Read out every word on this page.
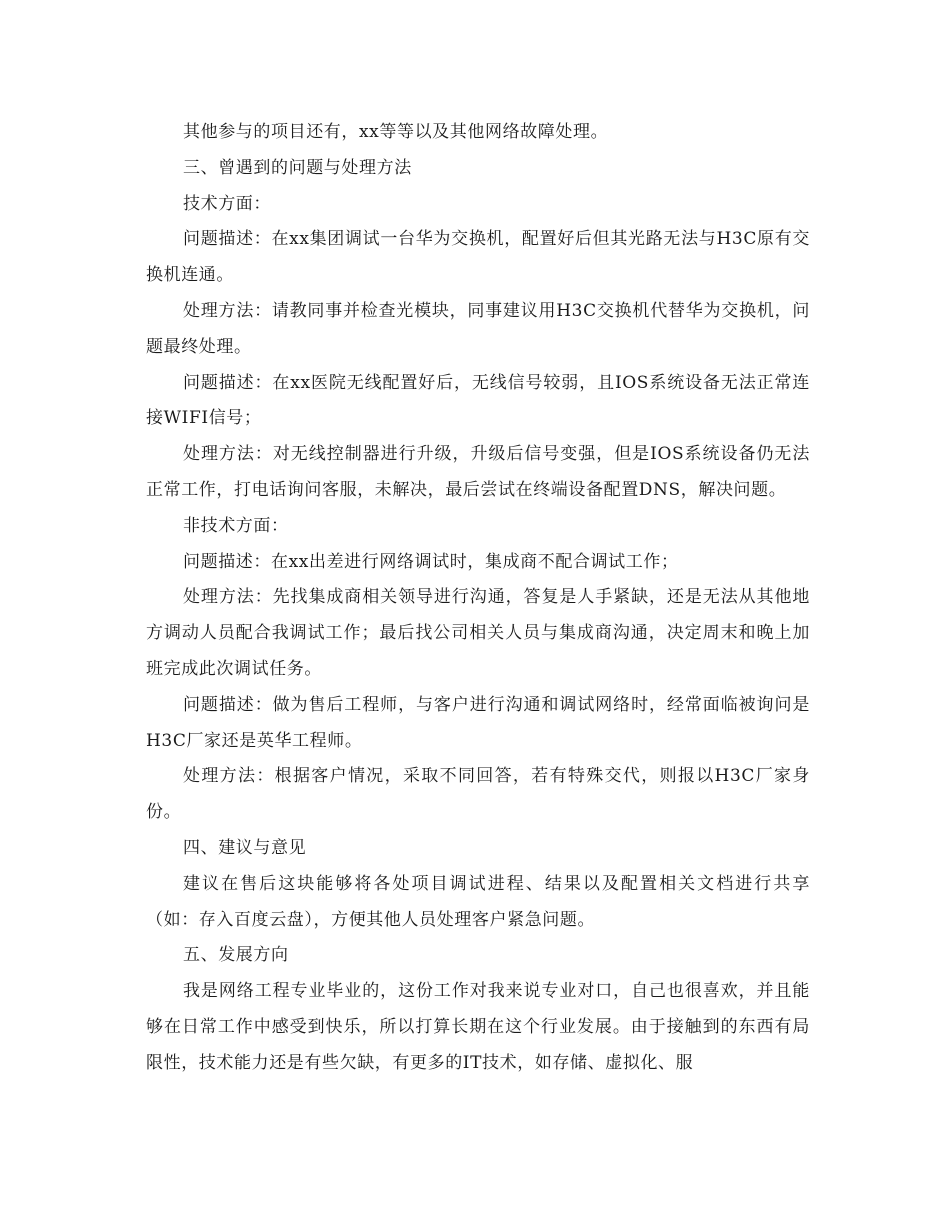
其他参与的项目还有，xx等等以及其他网络故障处理。

三、曾遇到的问题与处理方法

技术方面：

问题描述：在xx集团调试一台华为交换机，配置好后但其光路无法与H3C原有交换机连通。

处理方法：请教同事并检查光模块，同事建议用H3C交换机代替华为交换机，问题最终处理。

问题描述：在xx医院无线配置好后，无线信号较弱，且IOS系统设备无法正常连接WIFI信号；

处理方法：对无线控制器进行升级，升级后信号变强，但是IOS系统设备仍无法正常工作，打电话询问客服，未解决，最后尝试在终端设备配置DNS，解决问题。

非技术方面：

问题描述：在xx出差进行网络调试时，集成商不配合调试工作；

处理方法：先找集成商相关领导进行沟通，答复是人手紧缺，还是无法从其他地方调动人员配合我调试工作；最后找公司相关人员与集成商沟通，决定周末和晚上加班完成此次调试任务。

问题描述：做为售后工程师，与客户进行沟通和调试网络时，经常面临被询问是H3C厂家还是英华工程师。

处理方法：根据客户情况，采取不同回答，若有特殊交代，则报以H3C厂家身份。

四、建议与意见

建议在售后这块能够将各处项目调试进程、结果以及配置相关文档进行共享（如：存入百度云盘），方便其他人员处理客户紧急问题。

五、发展方向

我是网络工程专业毕业的，这份工作对我来说专业对口，自己也很喜欢，并且能够在日常工作中感受到快乐，所以打算长期在这个行业发展。由于接触到的东西有局限性，技术能力还是有些欠缺，有更多的IT技术，如存储、虚拟化、服
